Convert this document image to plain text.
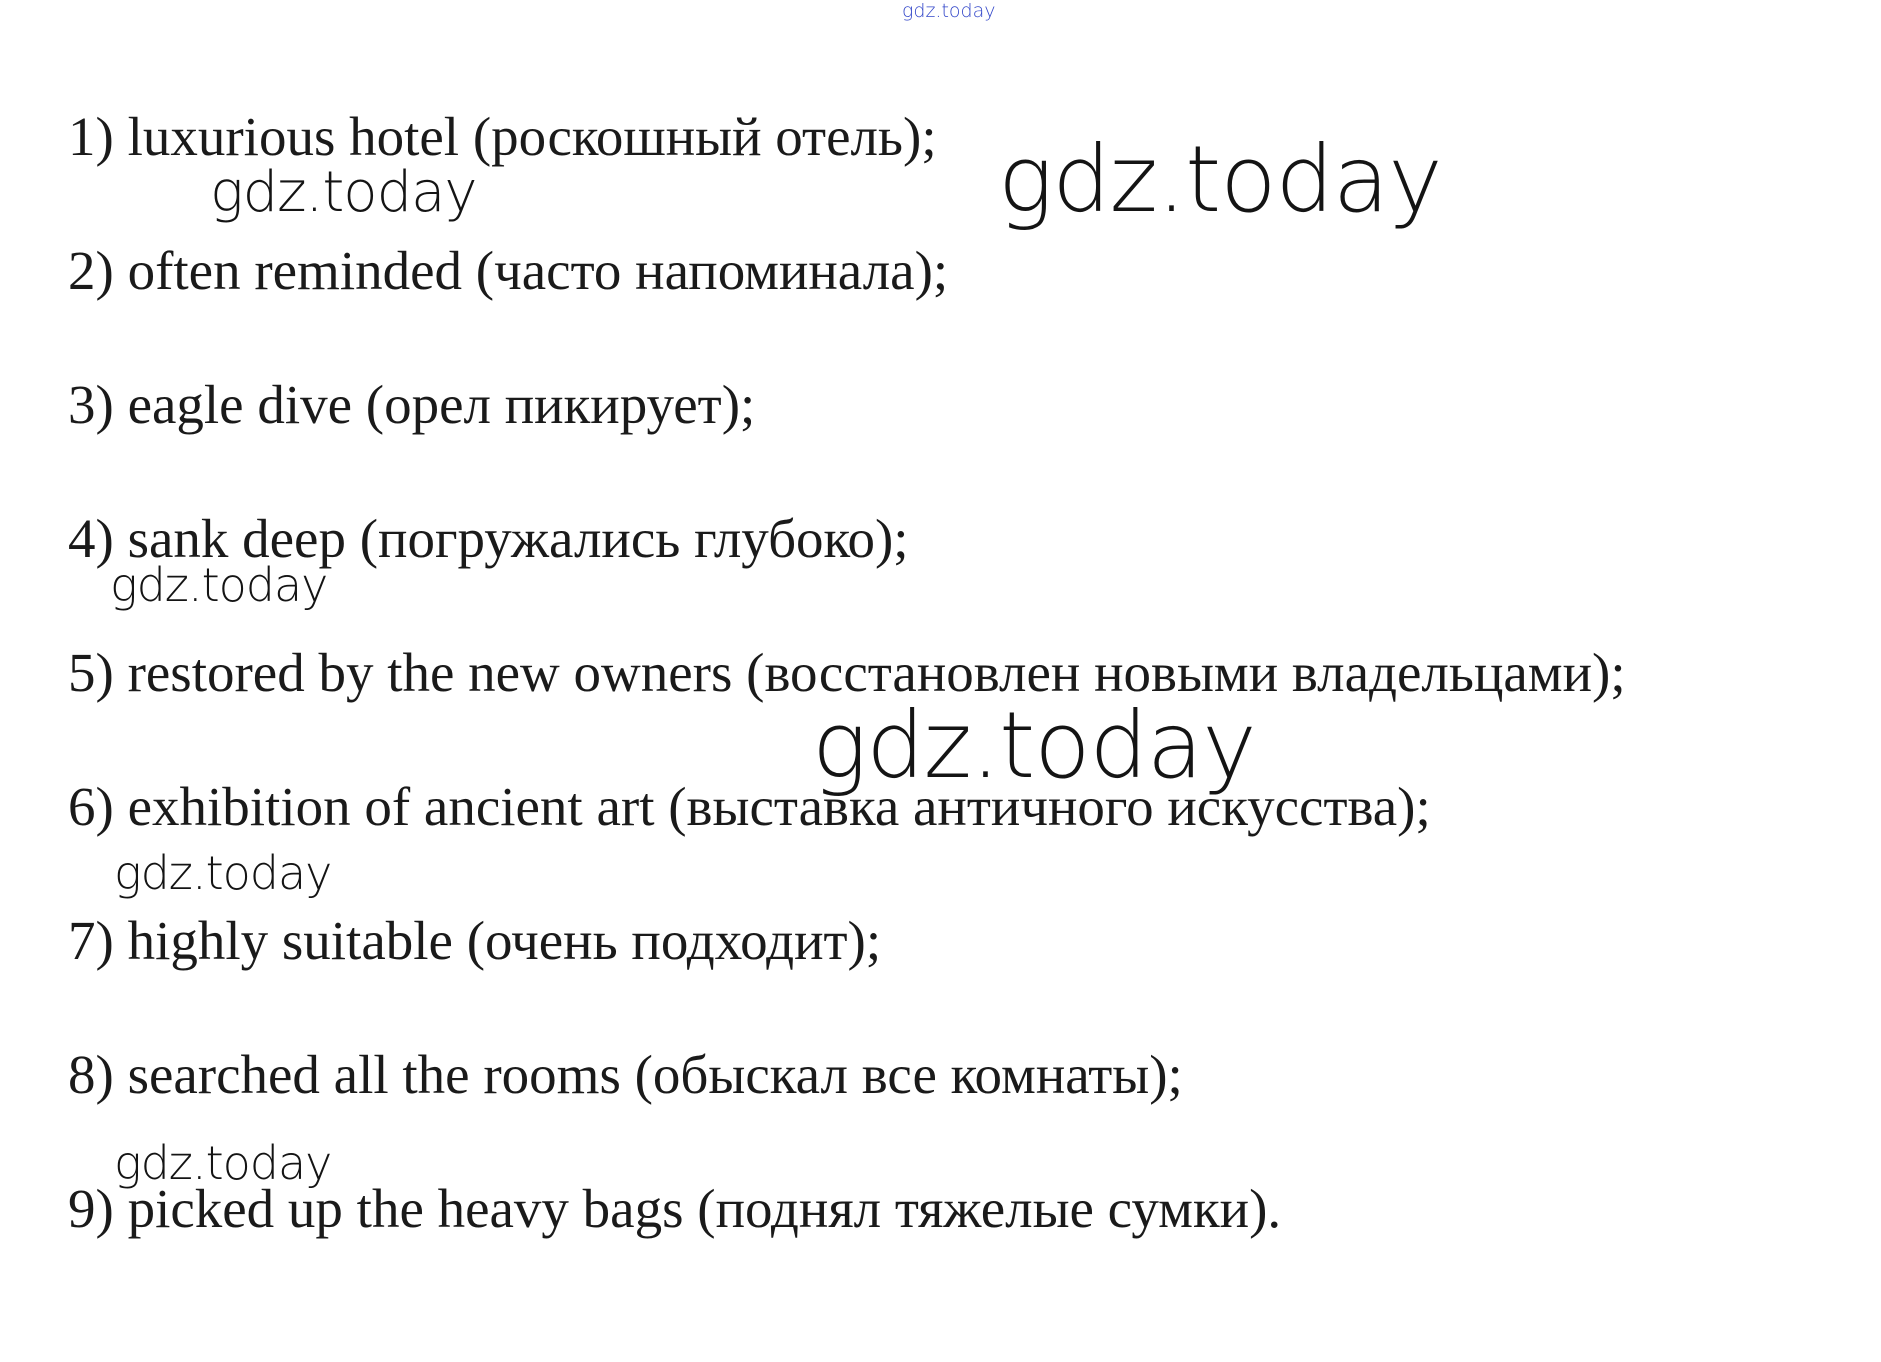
gdz.today
1) luxurious hotel (роскошный отель); gdz.today
gdz.today
2) often reminded (часто напоминала);
3) eagle dive (орел пикирует);
4) sank deep (погружались глубоко);
gdz.today
5) restored by the new owners (восстановлен новыми владельцами);
gdz.today
6) exhibition of ancient art (выставка античного искусства);
gdz.today
7) highly suitable (очень подходит);
8) searched all the rooms (обыскал все комнаты);
gdz.today
9) picked up the heavy bags (поднял тяжелые сумки).
